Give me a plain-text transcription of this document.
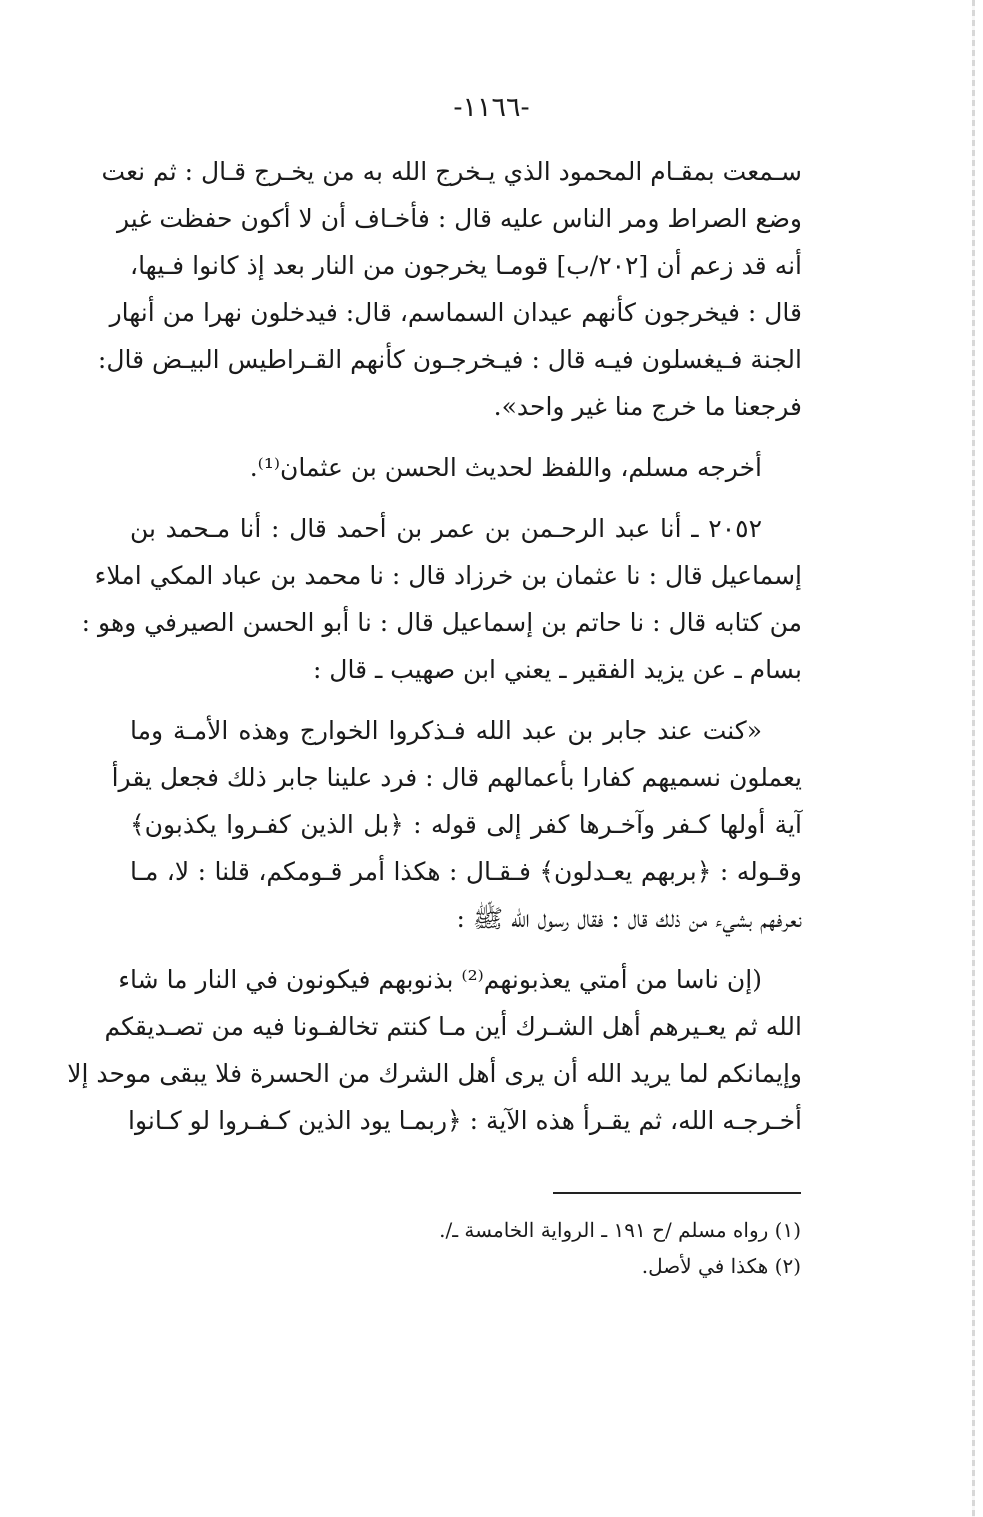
-١١٦٦-

سـمعت بمقـام المحمود الذي يـخرج الله به من يخـرج قـال : ثم نعت
وضع الصراط ومر الناس عليه قال : فأخـاف أن لا أكون حفظت غير
أنه قد زعم أن [٢٠٢/ب] قومـا يخرجون من النار بعد إذ كانوا فـيها،
قال : فيخرجون كأنهم عيدان السماسم، قال: فيدخلون نهرا من أنهار
الجنة فـيغسلون فيـه قال : فيـخرجـون كأنهم القـراطيس البيـض قال:
فرجعنا ما خرج منا غير واحد».

أخرجه مسلم، واللفظ لحديث الحسن بن عثمان⁽¹⁾.

٢٠٥٢ ـ أنا عبد الرحـمن بن عمر بن أحمد قال : أنا مـحمد بن
إسماعيل قال : نا عثمان بن خرزاد قال : نا محمد بن عباد المكي املاء
من كتابه قال : نا حاتم بن إسماعيل قال : نا أبو الحسن الصيرفي وهو :
بسام ـ عن يزيد الفقير ـ يعني ابن صهيب ـ قال :

«كنت عند جابر بن عبد الله فـذكروا الخوارج وهذه الأمـة وما
يعملون نسميهم كفارا بأعمالهم قال : فرد علينا جابر ذلك فجعل يقرأ
آية أولها كـفر وآخـرها كفر إلى قوله : ﴿بل الذين كفـروا يكذبون﴾
وقـوله : ﴿بربهم يعـدلون﴾ فـقـال : هكذا أمر قـومكم، قلنا : لا، مـا
نعرفهم بشيء من ذلك قال : فقال رسول الله ﷺ :

(إن ناسا من أمتي يعذبونهم⁽²⁾ بذنوبهم فيكونون في النار ما شاء
الله ثم يعـيرهم أهل الشـرك أين مـا كنتم تخالفـونا فيه من تصـديقكم
وإيمانكم لما يريد الله أن يرى أهل الشرك من الحسرة فلا يبقى موحد إلا
أخـرجـه الله، ثم يقـرأ هذه الآية : ﴿ربمـا يود الذين كـفـروا لو كـانوا

(١) رواه مسلم /ح ١٩١ ـ الرواية الخامسة ـ/.
(٢) هكذا في لأصل.
